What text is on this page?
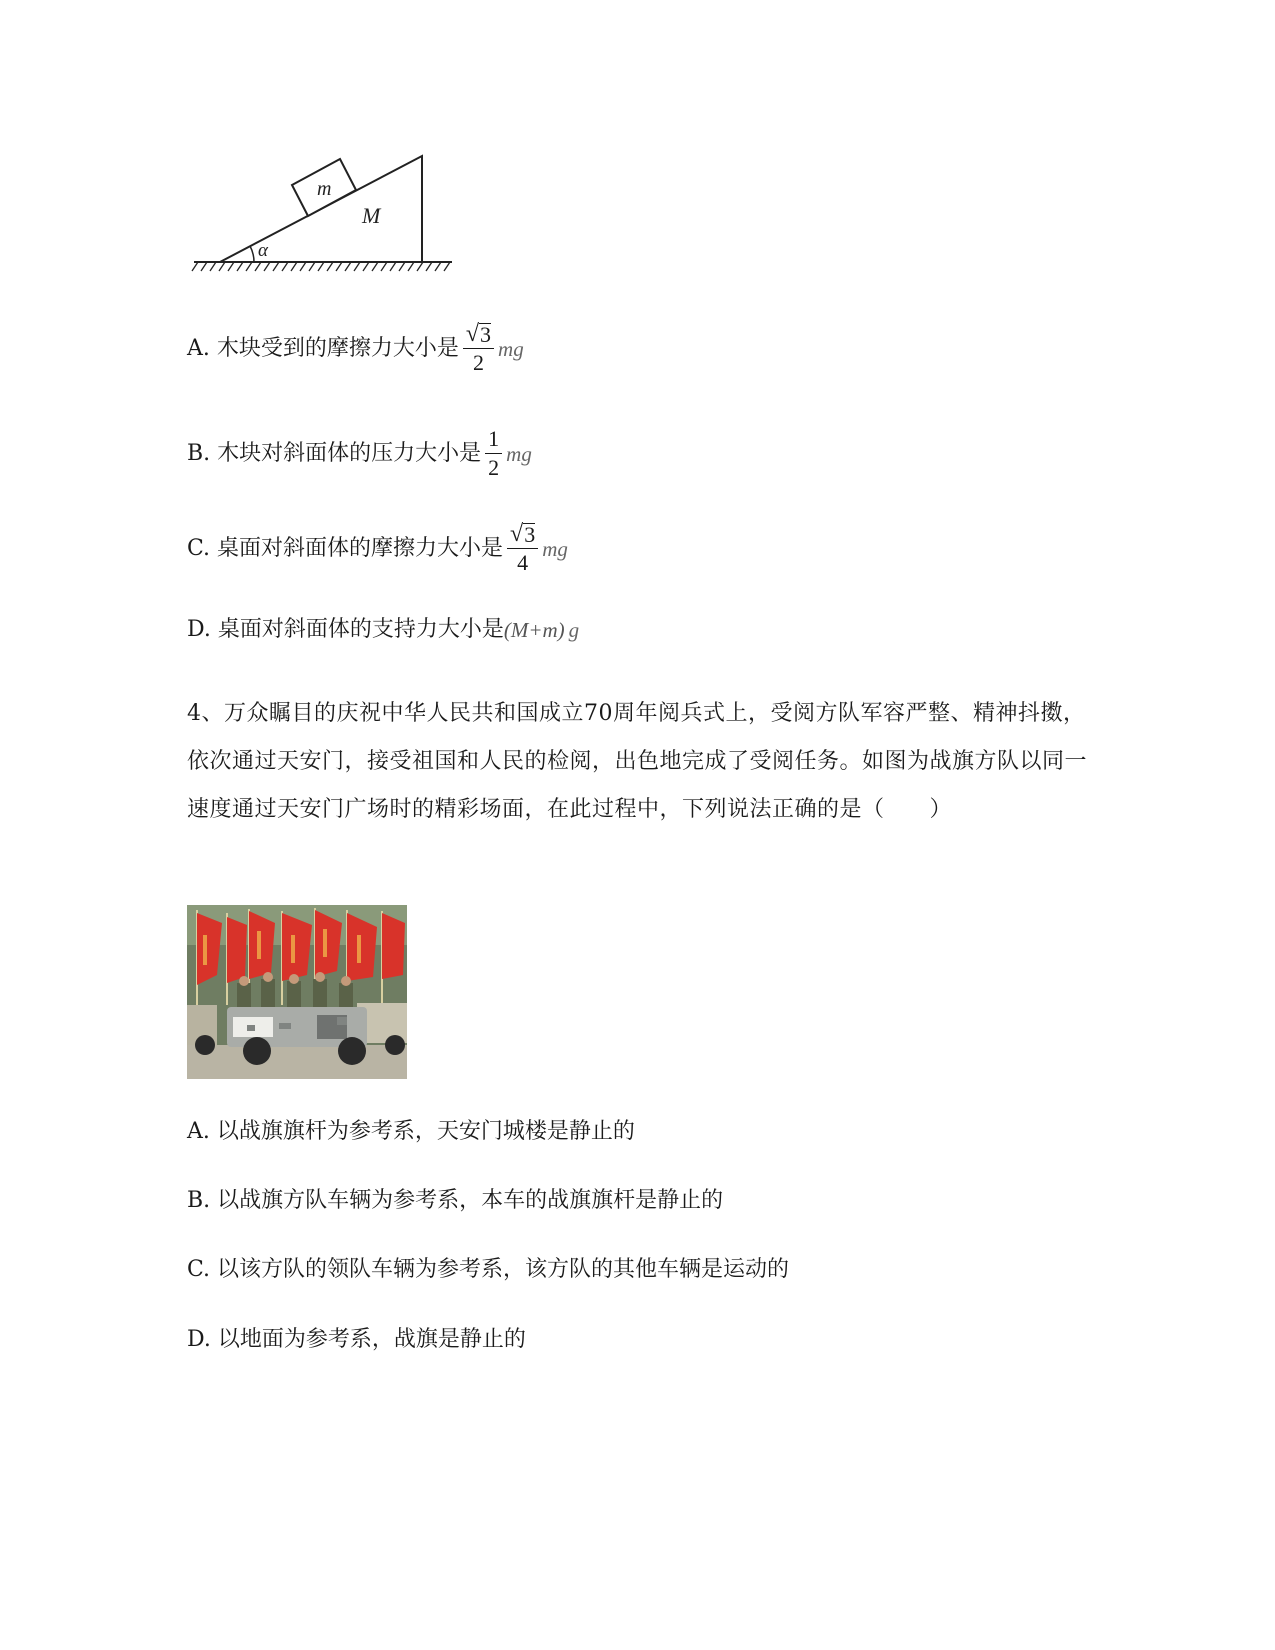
m
M
α
A. 木块受到的摩擦力大小是 $\frac{√ 3}{2}$ mg
B. 木块对斜面体的压力大小是 $\frac{1}{2}$ mg
C. 桌面对斜面体的摩擦力大小是 $\frac{√ 3}{4}$ mg
D. 桌面对斜面体的支持力大小是 (M+m) g
4、万众瞩目的庆祝中华人民共和国成立70周年阅兵式上，受阅方队军容严整、精神抖擞，依次通过天安门，接受祖国和人民的检阅，出色地完成了受阅任务。如图为战旗方队以同一速度通过天安门广场时的精彩场面，在此过程中，下列说法正确的是（　　）
A. 以战旗旗杆为参考系，天安门城楼是静止的
B. 以战旗方队车辆为参考系，本车的战旗旗杆是静止的
C. 以该方队的领队车辆为参考系，该方队的其他车辆是运动的
D. 以地面为参考系，战旗是静止的
